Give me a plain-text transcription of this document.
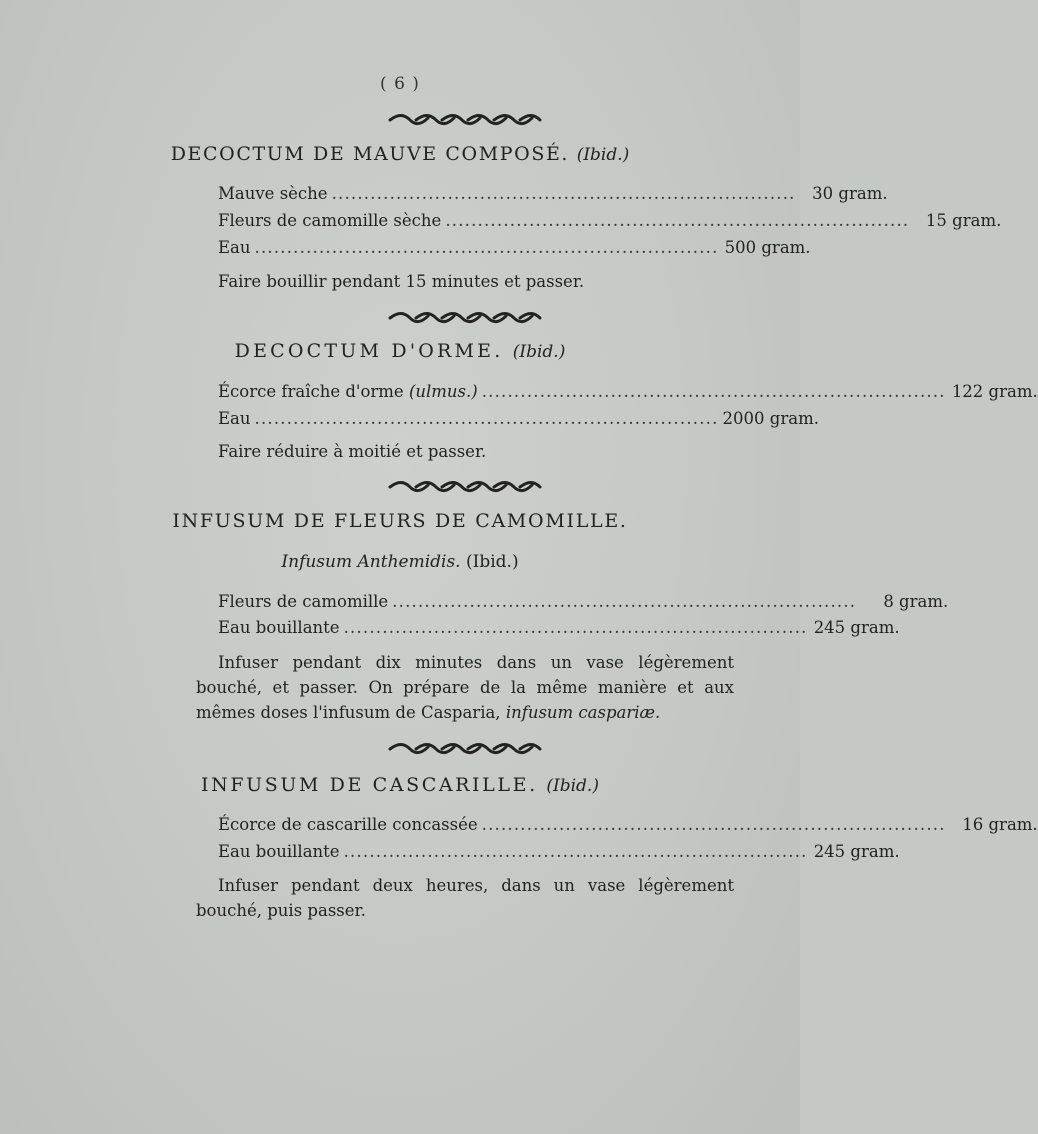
( 6 )
DECOCTUM DE MAUVE COMPOSÉ. (Ibid.)
Mauve sèche ........................................................................	30 gram.
Fleurs de camomille sèche ........................................................................	15 gram.
Eau ........................................................................ 500 gram.
Faire bouillir pendant 15 minutes et passer.
DECOCTUM D'ORME. (Ibid.)
Écorce fraîche d'orme (ulmus.) ........................................................................ 122 gram.
Eau ........................................................................ 2000 gram.
Faire réduire à moitié et passer.
INFUSUM DE FLEURS DE CAMOMILLE.
Infusum Anthemidis. (Ibid.)
Fleurs de camomille ........................................................................	8 gram.
Eau bouillante ........................................................................ 245 gram.
Infuser pendant dix minutes dans un vase légèrement
bouché, et passer. On prépare de la même manière et aux
mêmes doses l'infusum de Casparia, infusum caspariæ.
INFUSUM DE CASCARILLE. (Ibid.)
Écorce de cascarille concassée ........................................................................	16 gram.
Eau bouillante ........................................................................ 245 gram.
Infuser pendant deux heures, dans un vase légèrement
bouché, puis passer.
